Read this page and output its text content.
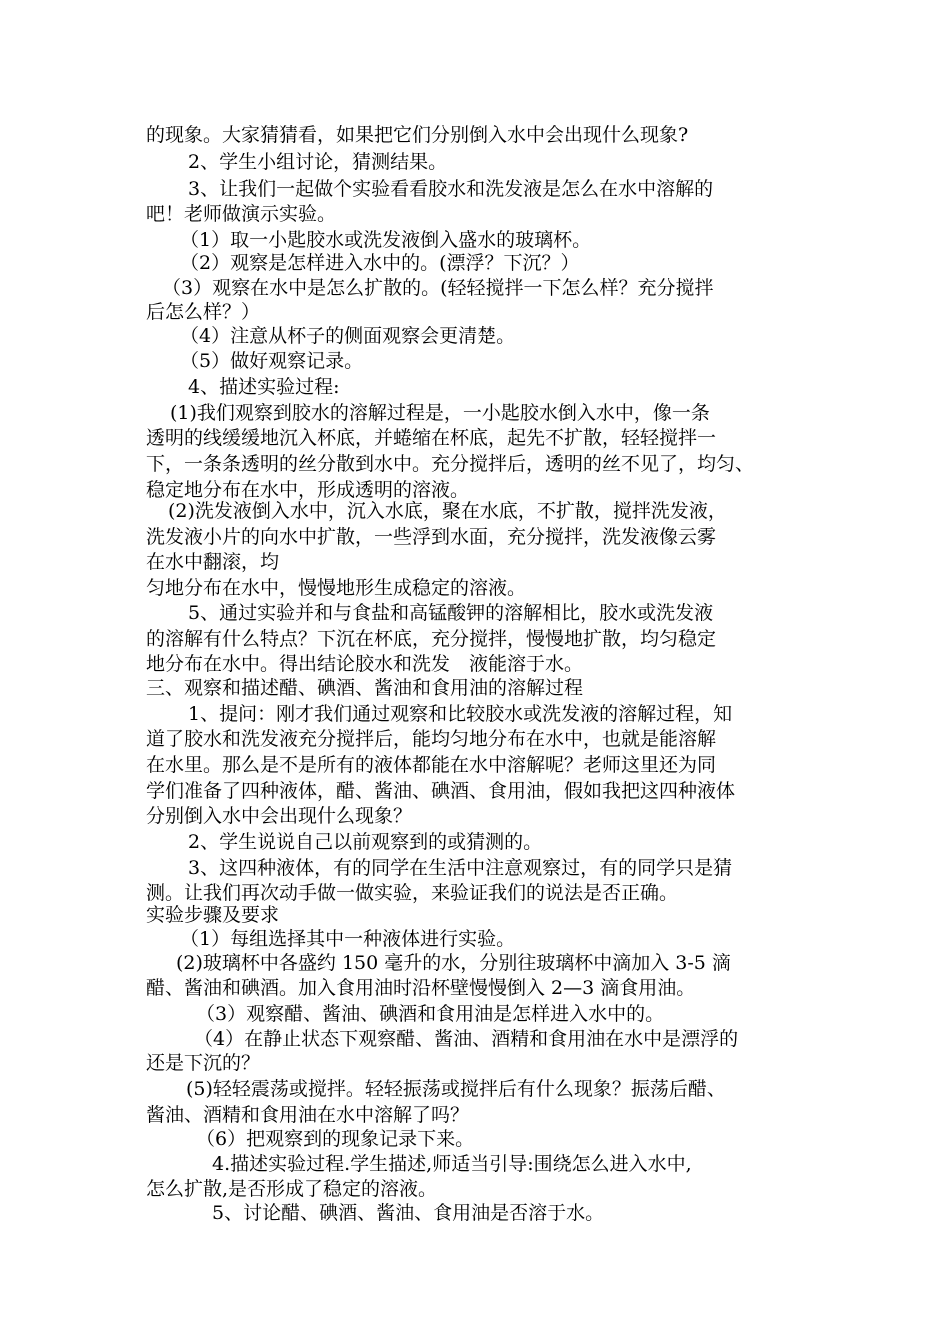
的现象。大家猜猜看，如果把它们分别倒入水中会出现什么现象?
2、学生小组讨论，猜测结果。
3、让我们一起做个实验看看胶水和洗发液是怎么在水中溶解的
吧！老师做演示实验。
（1）取一小匙胶水或洗发液倒入盛水的玻璃杯。
（2）观察是怎样进入水中的。(漂浮？下沉？）
（3）观察在水中是怎么扩散的。(轻轻搅拌一下怎么样？充分搅拌
后怎么样？）
（4）注意从杯子的侧面观察会更清楚。
（5）做好观察记录。
4、描述实验过程:
(1)我们观察到胶水的溶解过程是，一小匙胶水倒入水中，像一条
透明的线缓缓地沉入杯底，并蜷缩在杯底，起先不扩散，轻轻搅拌一
下，一条条透明的丝分散到水中。充分搅拌后，透明的丝不见了，均匀、
稳定地分布在水中，形成透明的溶液。
(2)洗发液倒入水中，沉入水底，聚在水底，不扩散，搅拌洗发液，
洗发液小片的向水中扩散，一些浮到水面，充分搅拌，洗发液像云雾
在水中翻滚，均
匀地分布在水中，慢慢地形生成稳定的溶液。
5、通过实验并和与食盐和高锰酸钾的溶解相比，胶水或洗发液
的溶解有什么特点？下沉在杯底，充分搅拌，慢慢地扩散，均匀稳定
地分布在水中。得出结论胶水和洗发　液能溶于水。
三、观察和描述醋、碘酒、酱油和食用油的溶解过程
1、提问：刚才我们通过观察和比较胶水或洗发液的溶解过程，知
道了胶水和洗发液充分搅拌后，能均匀地分布在水中，也就是能溶解
在水里。那么是不是所有的液体都能在水中溶解呢？老师这里还为同
学们准备了四种液体，醋、酱油、碘酒、食用油，假如我把这四种液体
分别倒入水中会出现什么现象？
2、学生说说自己以前观察到的或猜测的。
3、这四种液体，有的同学在生活中注意观察过，有的同学只是猜
测。让我们再次动手做一做实验，来验证我们的说法是否正确。
实验步骤及要求
（1）每组选择其中一种液体进行实验。
(2)玻璃杯中各盛约 150 毫升的水，分别往玻璃杯中滴加入 3-5 滴
醋、酱油和碘酒。加入食用油时沿杯壁慢慢倒入 2—3 滴食用油。
（3）观察醋、酱油、碘酒和食用油是怎样进入水中的。
（4）在静止状态下观察醋、酱油、酒精和食用油在水中是漂浮的
还是下沉的？
(5)轻轻震荡或搅拌。轻轻振荡或搅拌后有什么现象？振荡后醋、
酱油、酒精和食用油在水中溶解了吗？
（6）把观察到的现象记录下来。
4.描述实验过程.学生描述,师适当引导:围绕怎么进入水中,
怎么扩散,是否形成了稳定的溶液。
5、讨论醋、碘酒、酱油、食用油是否溶于水。
